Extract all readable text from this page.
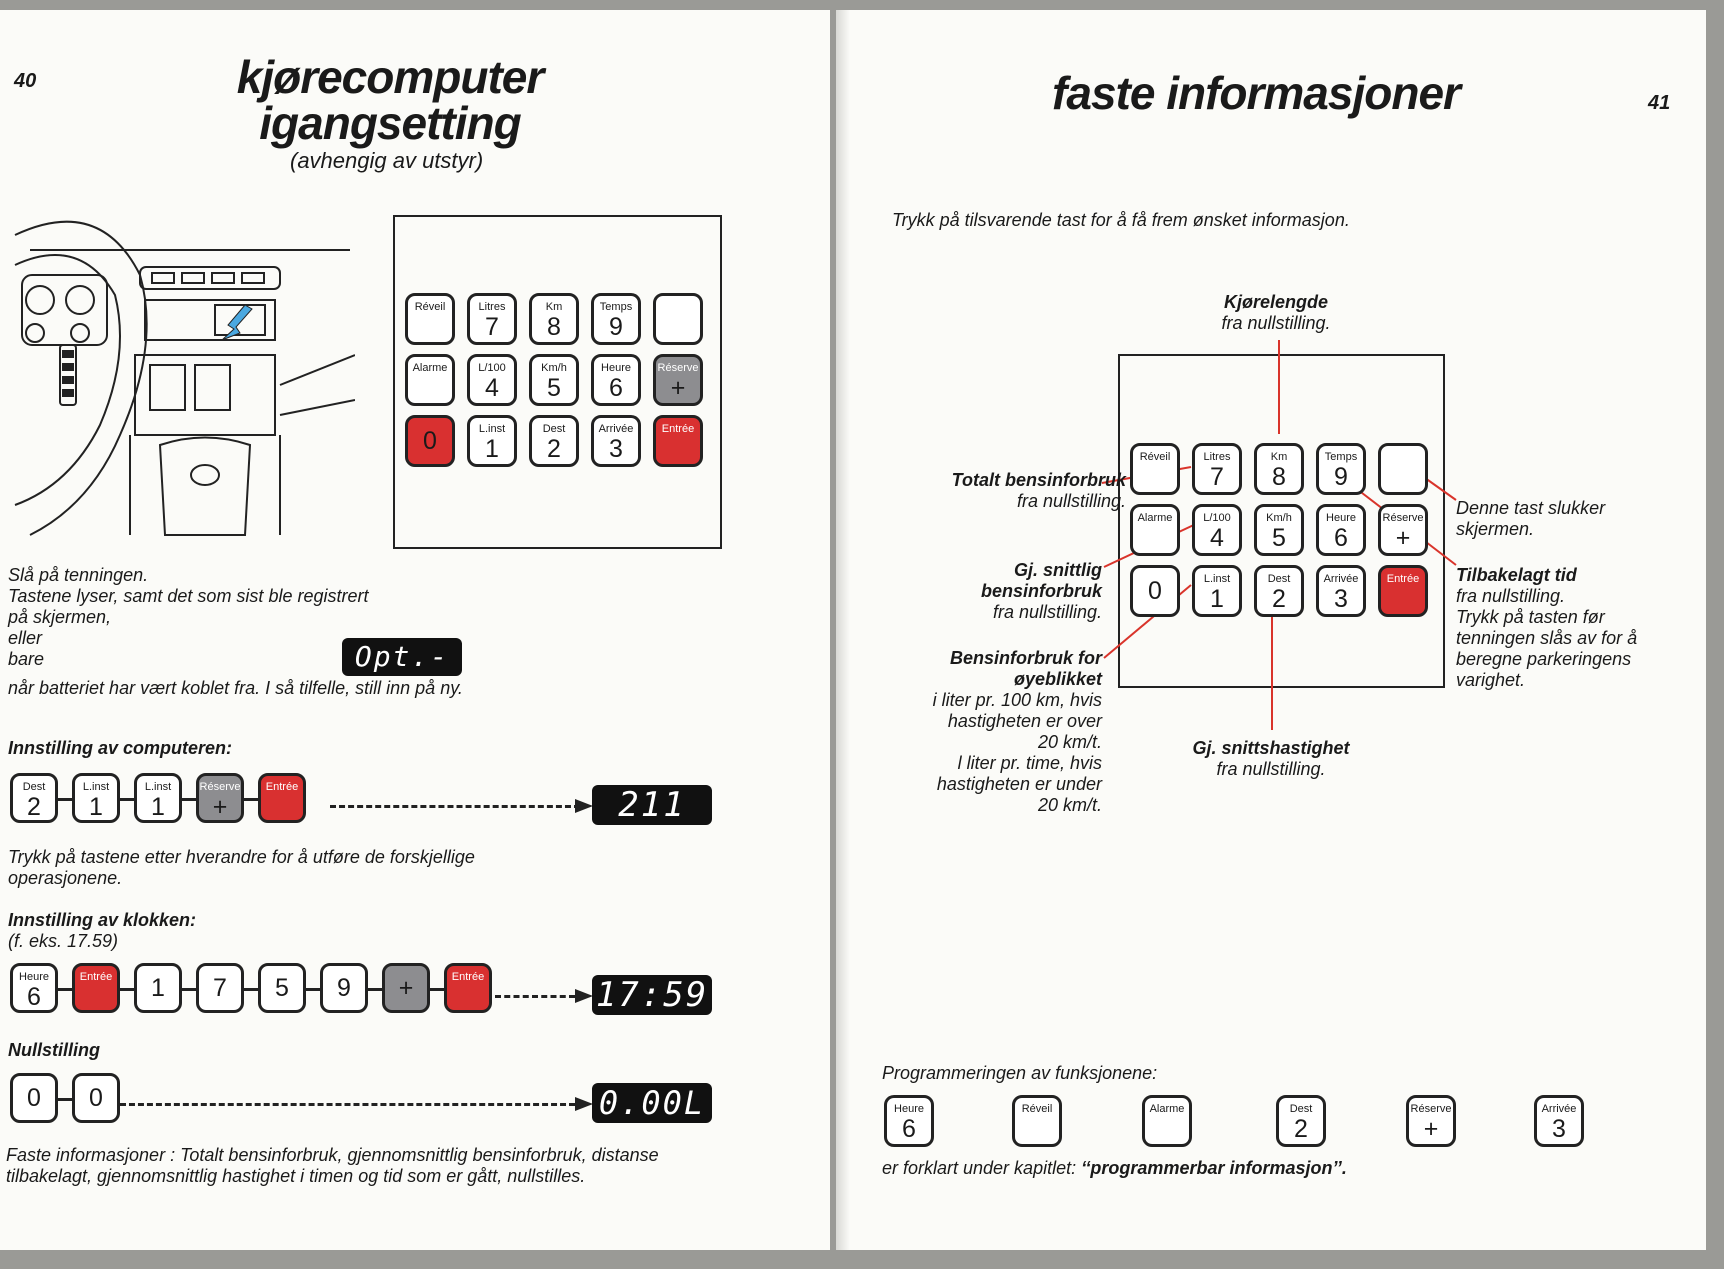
40	kjørecomputer
igangsetting
(avhengig av utstyr)
Slå på tenningen.
Tastene lyser, samt det som sist ble registrert
på skjermen,
eller
bare	Opt.-
når batteriet har vært koblet fra. I så tilfelle, still inn på ny.
Innstilling av computeren:
211
Trykk på tastene etter hverandre for å utføre de forskjellige
operasjonene.
Innstilling av klokken:
(f. eks. 17.59)
17:59
Nullstilling
0.00L
Faste informasjoner : Totalt bensinforbruk, gjennomsnittlig bensinforbruk, distanse
tilbakelagt, gjennomsnittlig hastighet i timen og tid som er gått, nullstilles.
Réveil	Litres
7
Km
8
Temps
9
Alarme	L/100
4
Km/h
5
Heure
6
Réserve
+
0	L.inst
1
Dest
2
Arrivée
3
Entrée
Dest
2
L.inst
1
L.inst
1
Réserve
+
Entrée
Heure
6
Entrée	1	7	5	9	+	Entrée
0	0
faste informasjoner	41
Trykk på tilsvarende tast for å få frem ønsket informasjon.
Kjørelengde
fra nullstilling.
Totalt bensinforbruk
fra nullstilling.
Gj. snittlig
bensinforbruk
fra nullstilling.
Bensinforbruk for
øyeblikket
i liter pr. 100 km, hvis
hastigheten er over
20 km/t.
l liter pr. time, hvis
hastigheten er under
20 km/t.
Gj. snittshastighet
fra nullstilling.
Denne tast slukker
skjermen.
Tilbakelagt tid
fra nullstilling.
Trykk på tasten før
tenningen slås av for å
beregne parkeringens
varighet.
Programmeringen av funksjonene:
er forklart under kapitlet: ‘‘programmerbar informasjon’’.
Réveil	Litres
7
Km
8
Temps
9
Alarme	L/100
4
Km/h
5
Heure
6
Réserve
+
0	L.inst
1
Dest
2
Arrivée
3
Entrée
Heure
6
Réveil	Alarme	Dest
2
Réserve
+
Arrivée
3
